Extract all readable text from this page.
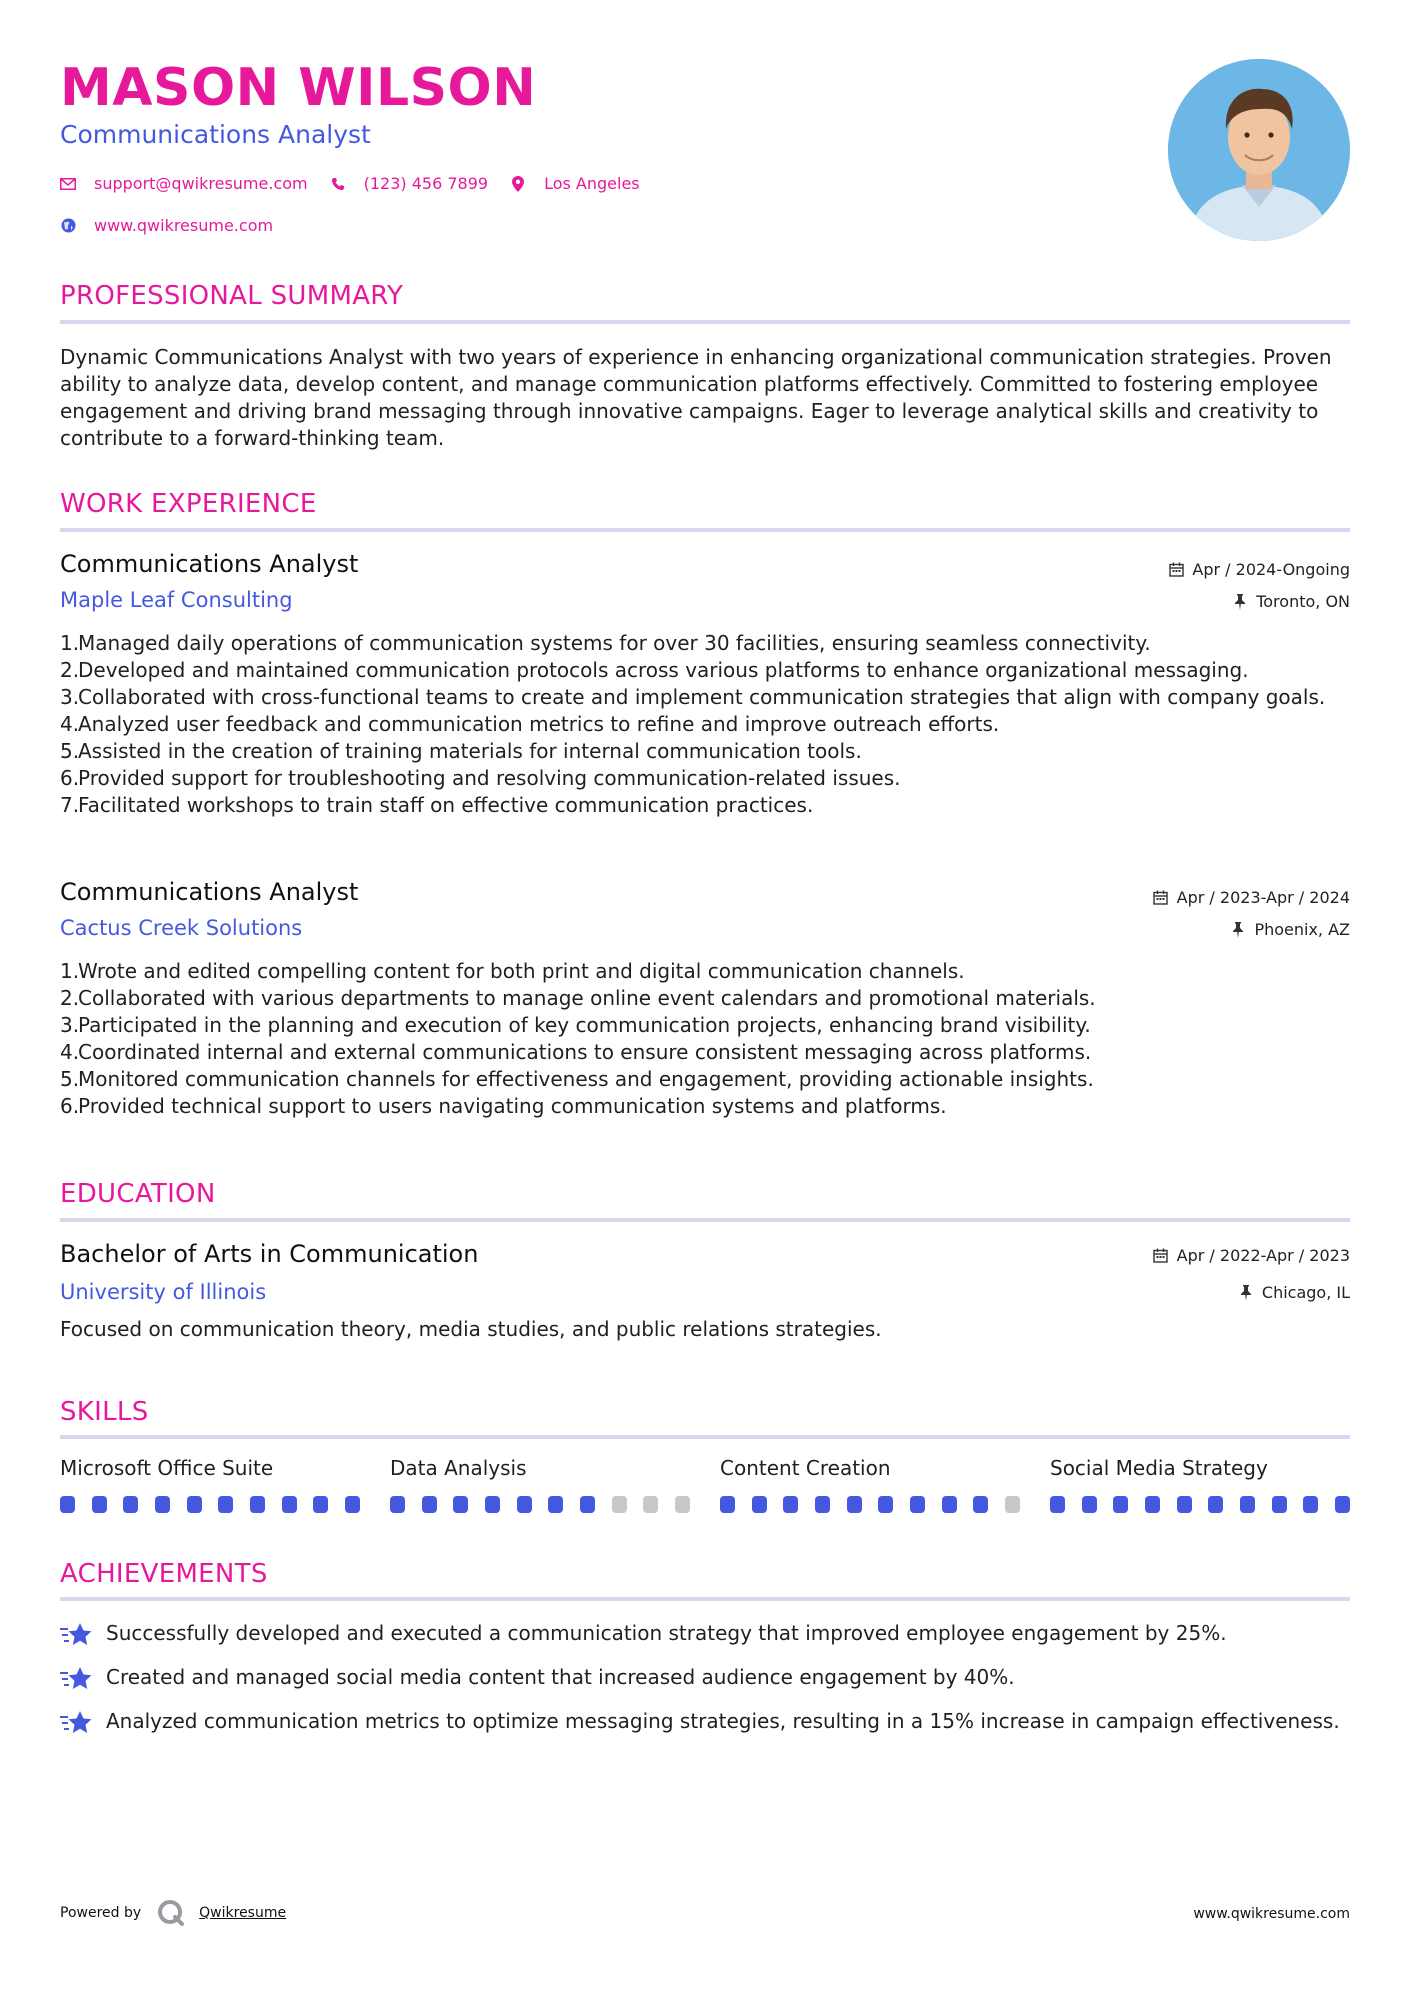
MASON WILSON
Communications Analyst
support@qwikresume.com	(123) 456 7899	Los Angeles
www.qwikresume.com
PROFESSIONAL SUMMARY
Dynamic Communications Analyst with two years of experience in enhancing organizational communication strategies. Proven ability to analyze data, develop content, and manage communication platforms effectively. Committed to fostering employee engagement and driving brand messaging through innovative campaigns. Eager to leverage analytical skills and creativity to contribute to a forward-thinking team.
WORK EXPERIENCE
Communications Analyst	Apr / 2024-Ongoing
Maple Leaf Consulting	Toronto, ON
1.
Managed daily operations of communication systems for over 30 facilities, ensuring seamless connectivity.
2.
Developed and maintained communication protocols across various platforms to enhance organizational messaging.
3.
Collaborated with cross-functional teams to create and implement communication strategies that align with company goals.
4.
Analyzed user feedback and communication metrics to refine and improve outreach efforts.
5.
Assisted in the creation of training materials for internal communication tools.
6.
Provided support for troubleshooting and resolving communication-related issues.
7.
Facilitated workshops to train staff on effective communication practices.
Communications Analyst	Apr / 2023-Apr / 2024
Cactus Creek Solutions	Phoenix, AZ
1.
Wrote and edited compelling content for both print and digital communication channels.
2.
Collaborated with various departments to manage online event calendars and promotional materials.
3.
Participated in the planning and execution of key communication projects, enhancing brand visibility.
4.
Coordinated internal and external communications to ensure consistent messaging across platforms.
5.
Monitored communication channels for effectiveness and engagement, providing actionable insights.
6.
Provided technical support to users navigating communication systems and platforms.
EDUCATION
Bachelor of Arts in Communication	Apr / 2022-Apr / 2023
University of Illinois	Chicago, IL
Focused on communication theory, media studies, and public relations strategies.
SKILLS
Microsoft Office Suite	Data Analysis	Content Creation	Social Media Strategy
ACHIEVEMENTS
Successfully developed and executed a communication strategy that improved employee engagement by 25%.
Created and managed social media content that increased audience engagement by 40%.
Analyzed communication metrics to optimize messaging strategies, resulting in a 15% increase in campaign effectiveness.
Powered by	Qwikresume	www.qwikresume.com
